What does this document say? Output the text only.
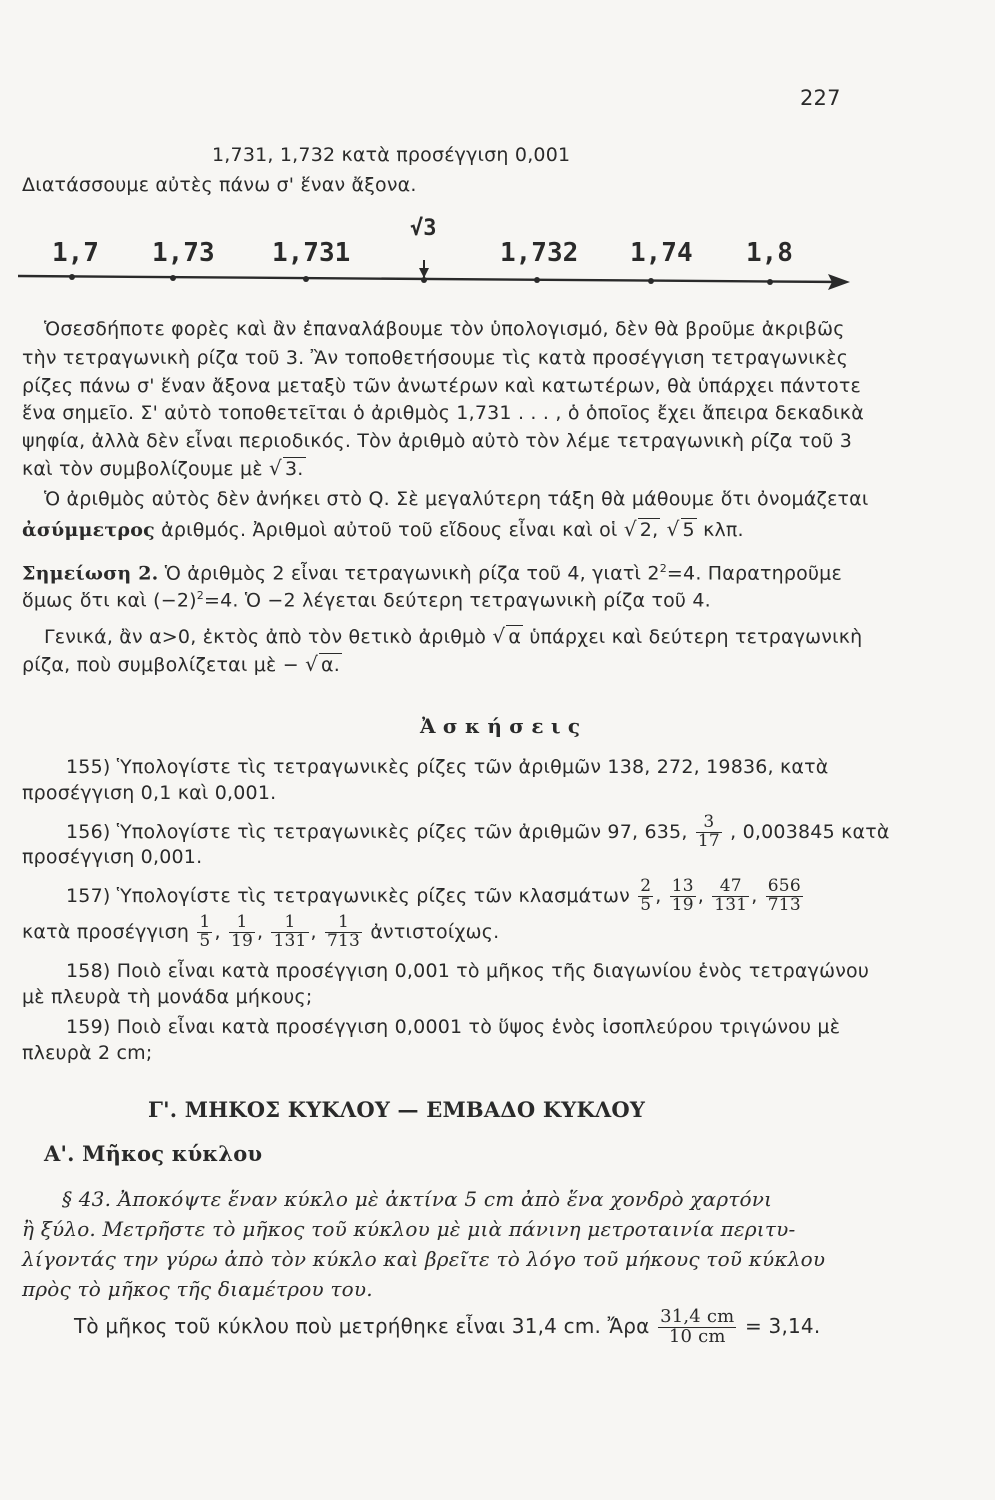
227
1,731, 1,732 κατὰ προσέγγιση 0,001
Διατάσσουμε αὐτὲς πάνω σ' ἕναν ἄξονα.
1,7 1,73 1,731
√3
1,732 1,74 1,8
Ὁσεσδήποτε φορὲς καὶ ἂν ἐπαναλάβουμε τὸν ὑπολογισμό, δὲν θὰ βροῦμε ἀκριβῶς
τὴν τετραγωνικὴ ρίζα τοῦ 3. Ἂν τοποθετήσουμε τὶς κατὰ προσέγγιση τετραγωνικὲς
ρίζες πάνω σ' ἕναν ἄξονα μεταξὺ τῶν ἀνωτέρων καὶ κατωτέρων, θὰ ὑπάρχει πάντοτε
ἕνα σημεῖο. Σ' αὐτὸ τοποθετεῖται ὁ ἀριθμὸς 1,731 . . . , ὁ ὁποῖος ἔχει ἄπειρα δεκαδικὰ
ψηφία, ἀλλὰ δὲν εἶναι περιοδικός. Τὸν ἀριθμὸ αὐτὸ τὸν λέμε τετραγωνικὴ ρίζα τοῦ 3
καὶ τὸν συμβολίζουμε μὲ √ 3.
Ὁ ἀριθμὸς αὐτὸς δὲν ἀνήκει στὸ Q. Σὲ μεγαλύτερη τάξη θὰ μάθουμε ὅτι ὀνομάζεται
ἀσύμμετρος ἀριθμός. Ἀριθμοὶ αὐτοῦ τοῦ εἴδους εἶναι καὶ οἱ √ 2, √ 5 κλπ.
Σημείωση 2. Ὁ ἀριθμὸς 2 εἶναι τετραγωνικὴ ρίζα τοῦ 4, γιατὶ $2^2=4$. Παρατηροῦμε
ὅμως ὅτι καὶ $(-2)^2=4$. Ὁ −2 λέγεται δεύτερη τετραγωνικὴ ρίζα τοῦ 4.
Γενικά, ἂν α>0, ἐκτὸς ἀπὸ τὸν θετικὸ ἀριθμὸ √ α ὑπάρχει καὶ δεύτερη τετραγωνικὴ
ρίζα, ποὺ συμβολίζεται μὲ − √ α.
Ἀ σ κ ή σ ε ι ς
155) Ὑπολογίστε τὶς τετραγωνικὲς ρίζες τῶν ἀριθμῶν 138, 272, 19836, κατὰ
προσέγγιση 0,1 καὶ 0,001.
156) Ὑπολογίστε τὶς τετραγωνικὲς ρίζες τῶν ἀριθμῶν 97, 635, $\frac{3}{17}$ , 0,003845 κατὰ
προσέγγιση 0,001.
157) Ὑπολογίστε τὶς τετραγωνικὲς ρίζες τῶν κλασμάτων $\frac{2}{5}$ , $\frac{13}{19}$ , $\frac{47}{131}$ , $\frac{656}{713}$
κατὰ προσέγγιση $\frac{1}{5}$ , $\frac{1}{19}$ , $\frac{1}{131}$ , $\frac{1}{713}$ ἀντιστοίχως.
158) Ποιὸ εἶναι κατὰ προσέγγιση 0,001 τὸ μῆκος τῆς διαγωνίου ἑνὸς τετραγώνου
μὲ πλευρὰ τὴ μονάδα μήκους;
159) Ποιὸ εἶναι κατὰ προσέγγιση 0,0001 τὸ ὕψος ἑνὸς ἰσοπλεύρου τριγώνου μὲ
πλευρὰ 2 cm;
Γ'. ΜΗΚΟΣ ΚΥΚΛΟΥ — ΕΜΒΑΔΟ ΚΥΚΛΟΥ
Α'. Μῆκος κύκλου
§ 43. Ἀποκόψτε ἕναν κύκλο μὲ ἀκτίνα 5 cm ἀπὸ ἕνα χονδρὸ χαρτόνι
ἢ ξύλο. Μετρῆστε τὸ μῆκος τοῦ κύκλου μὲ μιὰ πάνινη μετροταινία περιτυ-
λίγοντάς την γύρω ἀπὸ τὸν κύκλο καὶ βρεῖτε τὸ λόγο τοῦ μήκους τοῦ κύκλου
πρὸς τὸ μῆκος τῆς διαμέτρου του.
Τὸ μῆκος τοῦ κύκλου ποὺ μετρήθηκε εἶναι 31,4 cm. Ἄρα $\frac{31,4 cm}{10 cm} = 3,14$.
